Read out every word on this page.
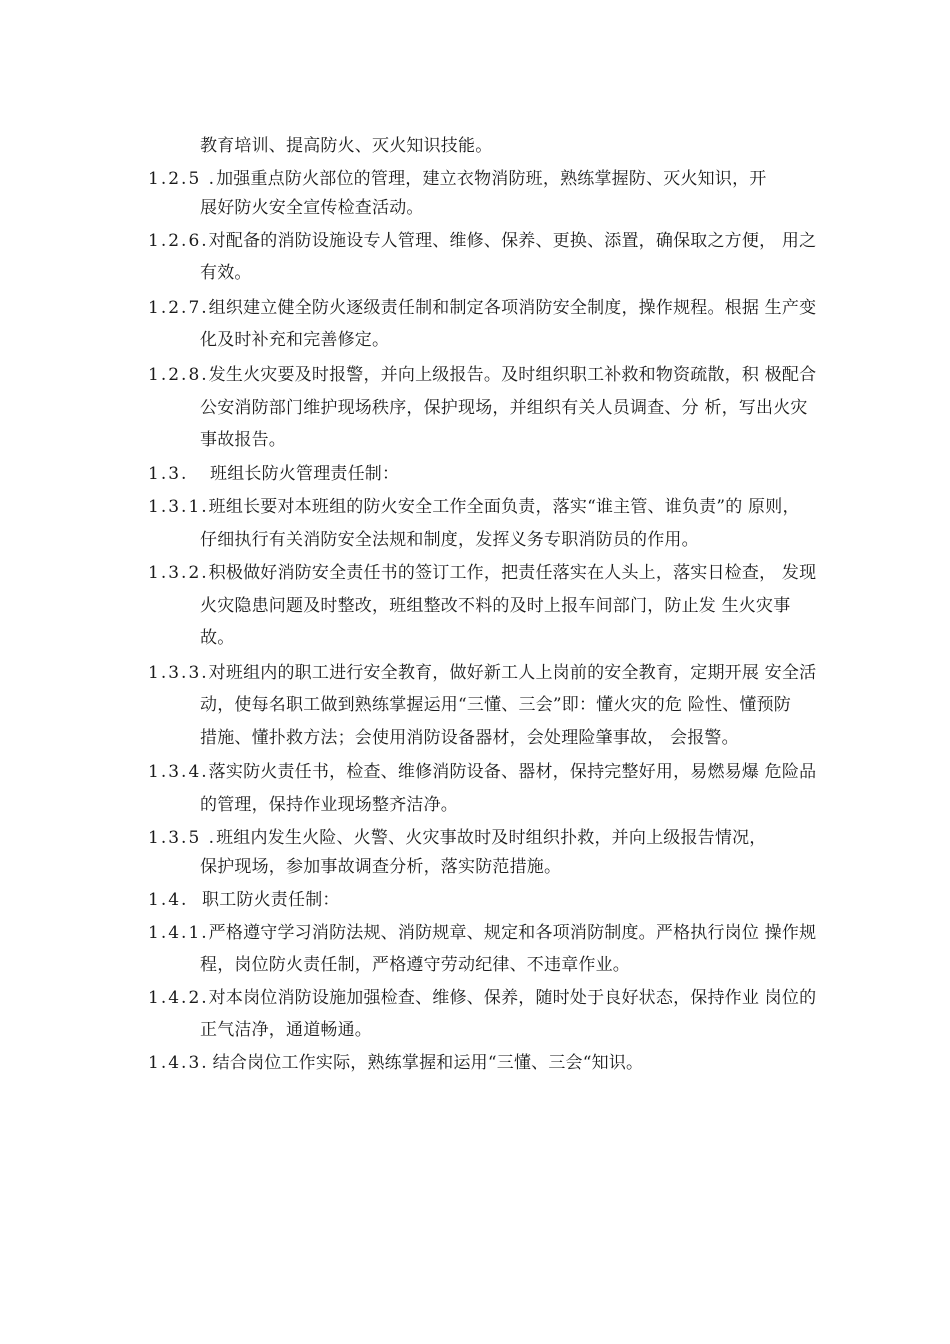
教育培训、提高防火、灭火知识技能。
1.2.5 .加强重点防火部位的管理，建立衣物消防班，熟练掌握防、灭火知识，开
展好防火安全宣传检查活动。
1.2.6.对配备的消防设施设专人管理、维修、保养、更换、添置，确保取之方便， 用之
有效。
1.2.7.组织建立健全防火逐级责任制和制定各项消防安全制度，操作规程。根据 生产变
化及时补充和完善修定。
1.2.8.发生火灾要及时报警，并向上级报告。及时组织职工补救和物资疏散，积 极配合
公安消防部门维护现场秩序，保护现场，并组织有关人员调查、分 析，写出火灾
事故报告。
1.3. 班组长防火管理责任制：
1.3.1.班组长要对本班组的防火安全工作全面负责，落实“谁主管、谁负责”的 原则，
仔细执行有关消防安全法规和制度，发挥义务专职消防员的作用。
1.3.2.积极做好消防安全责任书的签订工作，把责任落实在人头上，落实日检查， 发现
火灾隐患问题及时整改，班组整改不料的及时上报车间部门，防止发 生火灾事
故。
1.3.3.对班组内的职工进行安全教育，做好新工人上岗前的安全教育，定期开展 安全活
动，使每名职工做到熟练掌握运用“三懂、三会”即：懂火灾的危 险性、懂预防
措施、懂扑救方法；会使用消防设备器材，会处理险肇事故， 会报警。
1.3.4.落实防火责任书，检查、维修消防设备、器材，保持完整好用，易燃易爆 危险品
的管理，保持作业现场整齐洁净。
1.3.5 .班组内发生火险、火警、火灾事故时及时组织扑救，并向上级报告情况，
保护现场，参加事故调查分析，落实防范措施。
1.4. 职工防火责任制：
1.4.1.严格遵守学习消防法规、消防规章、规定和各项消防制度。严格执行岗位 操作规
程，岗位防火责任制，严格遵守劳动纪律、不违章作业。
1.4.2.对本岗位消防设施加强检查、维修、保养，随时处于良好状态，保持作业 岗位的
正气洁净，通道畅通。
1.4.3. 结合岗位工作实际，熟练掌握和运用“三懂、三会“知识。
